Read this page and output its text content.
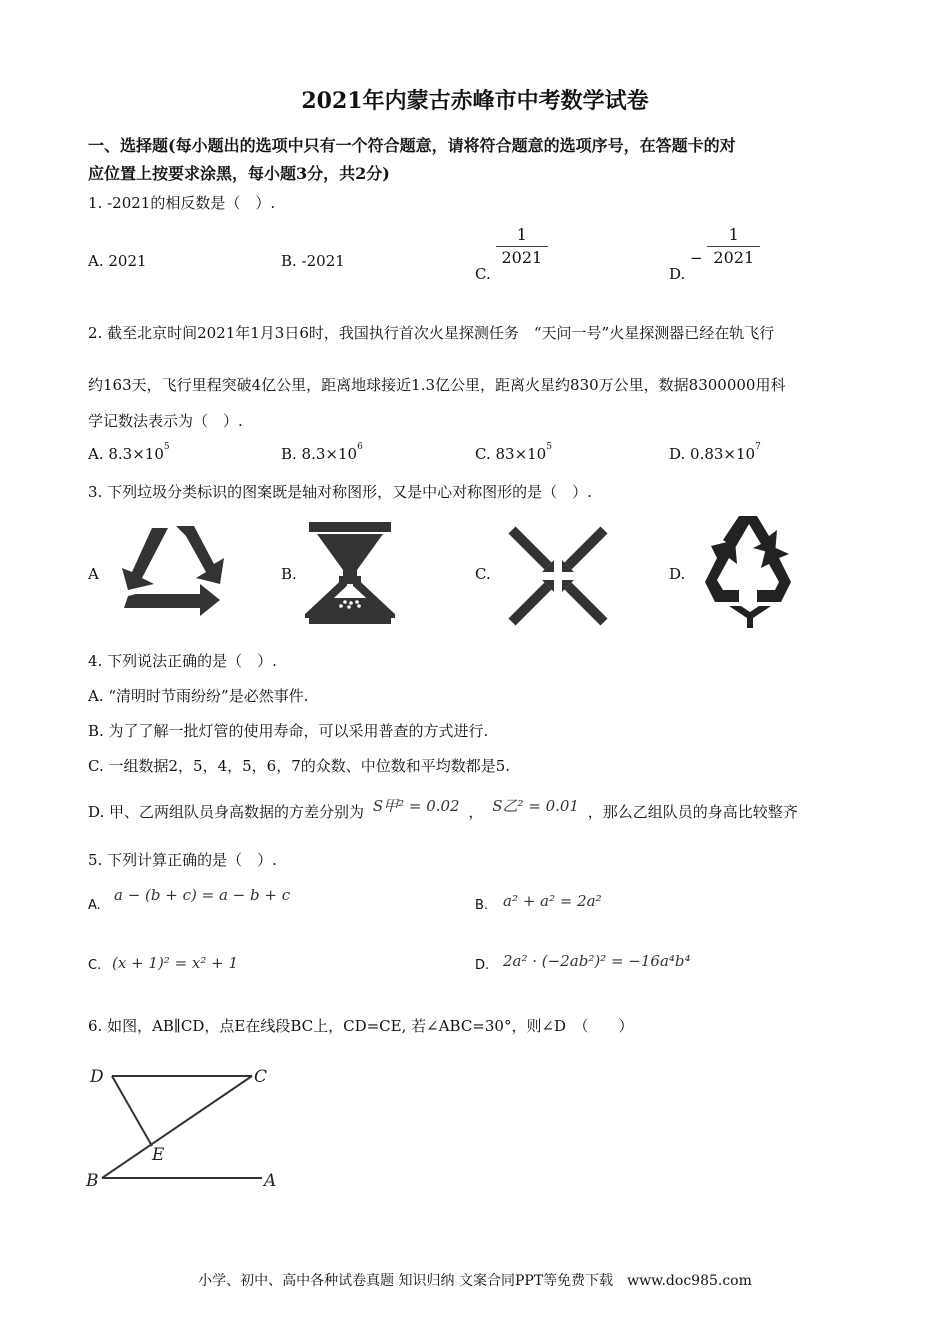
2021年内蒙古赤峰市中考数学试卷
一、选择题(每小题出的选项中只有一个符合题意，请将符合题意的选项序号，在答题卡的对
应位置上按要求涂黑，每小题3分，共2分)
1. -2021的相反数是（　）.
A. 2021	B. -2021
C.
$\frac{1}{2021}$
D. − $\frac{1}{2021}$
2. 截至北京时间2021年1月3日6时，我国执行首次火星探测任务　“天问一号”火星探测器已经在轨飞行
约163天，飞行里程突破4亿公里，距离地球接近1.3亿公里，距离火星约830万公里，数据8300000用科
学记数法表示为（　）.
A. $8.3\times 10^5$	B. $8.3\times 10^6$	C. $83\times 10^5$	D. $0.83\times 10^7$
3. 下列垃圾分类标识的图案既是轴对称图形，又是中心对称图形的是（　）.
A	B.	C.	D.
4. 下列说法正确的是（　）.
A. “清明时节雨纷纷”是必然事件.
B. 为了了解一批灯管的使用寿命，可以采用普查的方式进行.
C. 一组数据2，5，4，5，6，7的众数、中位数和平均数都是5.
D. 甲、乙两组队员身高数据的方差分别为 S甲² = 0.02 ， S乙² = 0.01 ，那么乙组队员的身高比较整齐
5. 下列计算正确的是（　）.
A.
a − (b + c) = a − b + c
B. a² + a² = 2a²
C. (x + 1)² = x² + 1	D. 2a² · (−2ab²)² = −16a⁴b⁴
6. 如图，AB∥CD，点E在线段BC上，CD=CE, 若∠ABC=30°，则∠D　（　　）
D	C
E
B	A
小学、初中、高中各种试卷真题 知识归纳 文案合同PPT等免费下载　www.doc985.com
